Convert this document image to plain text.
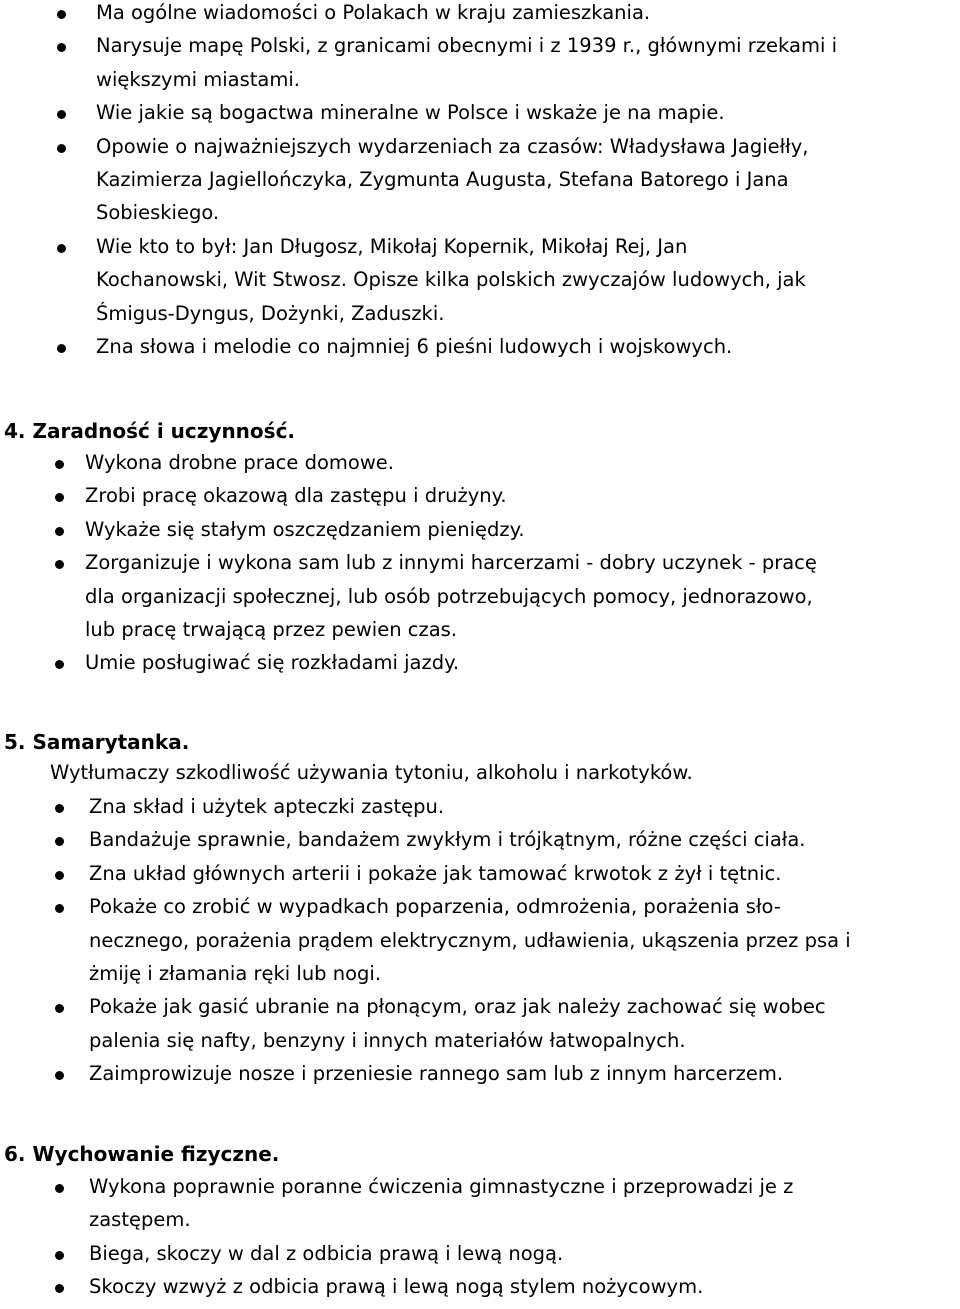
Ma ogólne wiadomości o Polakach w kraju zamieszkania.
Narysuje mapę Polski, z granicami obecnymi i z 1939 r., głównymi rzekami i
większymi miastami.
Wie jakie są bogactwa mineralne w Polsce i wskaże je na mapie.
Opowie o najważniejszych wydarzeniach za czasów: Władysława Jagiełły,
Kazimierza Jagiellończyka, Zygmunta Augusta, Stefana Batorego i Jana
Sobieskiego.
Wie kto to był: Jan Długosz, Mikołaj Kopernik, Mikołaj Rej, Jan
Kochanowski, Wit Stwosz. Opisze kilka polskich zwyczajów ludowych, jak
Śmigus-Dyngus, Dożynki, Zaduszki.
Zna słowa i melodie co najmniej 6 pieśni ludowych i wojskowych.
4. Zaradność i uczynność.
Wykona drobne prace domowe.
Zrobi pracę okazową dla zastępu i drużyny.
Wykaże się stałym oszczędzaniem pieniędzy.
Zorganizuje i wykona sam lub z innymi harcerzami - dobry uczynek - pracę
dla organizacji społecznej, lub osób potrzebujących pomocy, jednorazowo,
lub pracę trwającą przez pewien czas.
Umie posługiwać się rozkładami jazdy.
5. Samarytanka.
Wytłumaczy szkodliwość używania tytoniu, alkoholu i narkotyków.
Zna skład i użytek apteczki zastępu.
Bandażuje sprawnie, bandażem zwykłym i trójkątnym, różne części ciała.
Zna układ głównych arterii i pokaże jak tamować krwotok z żył i tętnic.
Pokaże co zrobić w wypadkach poparzenia, odmrożenia, porażenia sło-
necznego, porażenia prądem elektrycznym, udławienia, ukąszenia przez psa i
żmiję i złamania ręki lub nogi.
Pokaże jak gasić ubranie na płonącym, oraz jak należy zachować się wobec
palenia się nafty, benzyny i innych materiałów łatwopalnych.
Zaimprowizuje nosze i przeniesie rannego sam lub z innym harcerzem.
6. Wychowanie fizyczne.
Wykona poprawnie poranne ćwiczenia gimnastyczne i przeprowadzi je z
zastępem.
Biega, skoczy w dal z odbicia prawą i lewą nogą.
Skoczy wzwyż z odbicia prawą i lewą nogą stylem nożycowym.
